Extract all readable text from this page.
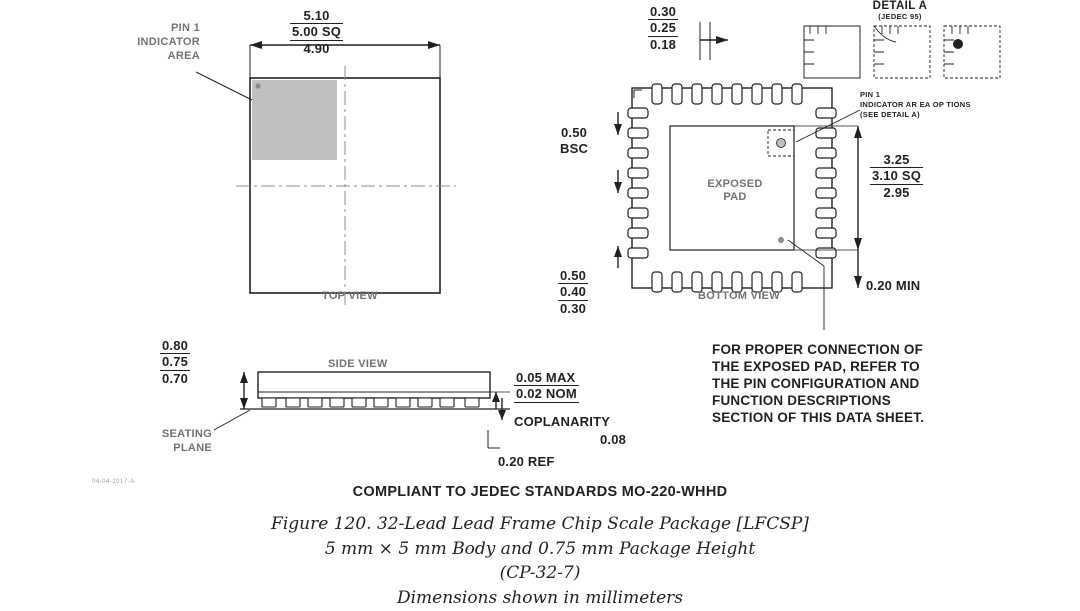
5.10
5.00 SQ
4.90
PIN 1
INDICATOR
AREA
TOP VIEW
0.30
0.25
0.18
0.50
BSC
0.50
0.40
0.30
EXPOSED
PAD
3.25
3.10 SQ
2.95
0.20 MIN
BOTTOM VIEW
PIN 1
INDICATOR AR EA OP TIONS
(SEE DETAIL A)
DETAIL A
(JEDEC 95)
0.80
0.75
0.70
SIDE VIEW
SEATING
PLANE
0.05 MAX
0.02 NOM
COPLANARITY
0.08
0.20 REF
FOR PROPER CONNECTION OF
THE EXPOSED PAD, REFER TO
THE PIN CONFIGURATION AND
FUNCTION DESCRIPTIONS
SECTION OF THIS DATA SHEET.
COMPLIANT TO JEDEC STANDARDS MO-220-WHHD
Figure 120. 32-Lead Lead Frame Chip Scale Package [LFCSP]
5 mm × 5 mm Body and 0.75 mm Package Height
(CP-32-7)
Dimensions shown in millimeters
04-04-2017-A
